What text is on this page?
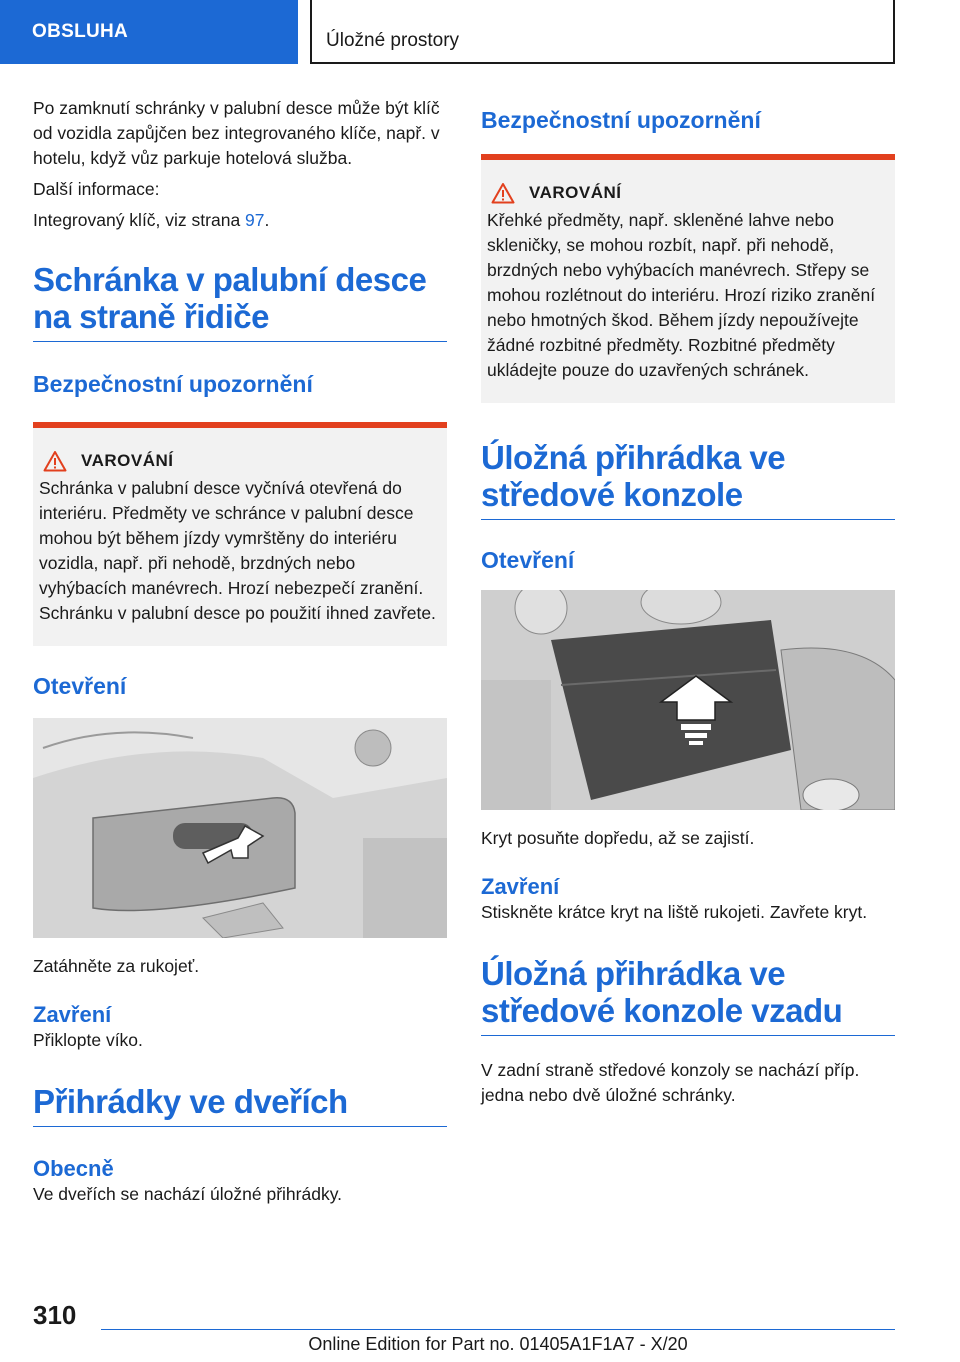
OBSLUHA	Úložné prostory

Po zamknutí schránky v palubní desce může být klíč od vozidla zapůjčen bez integrovaného klíče, např. v hotelu, když vůz parkuje hotelová služba.

Další informace:

Integrovaný klíč, viz strana 97.

Schránka v palubní desce na straně řidiče
Bezpečnostní upozornění
VAROVÁNÍ

Schránka v palubní desce vyčnívá otevřená do interiéru. Předměty ve schránce v palubní desce mohou být během jízdy vymrštěny do interiéru vozidla, např. při nehodě, brzdných nebo vyhýbacích manévrech. Hrozí nebezpečí zranění. Schránku v palubní desce po použití ihned zavřete.

Otevření

Zatáhněte za rukojeť.

Zavření

Přiklopte víko.

Přihrádky ve dveřích
Obecně

Ve dveřích se nachází úložné přihrádky.

Bezpečnostní upozornění
VAROVÁNÍ

Křehké předměty, např. skleněné lahve nebo skleničky, se mohou rozbít, např. při nehodě, brzdných nebo vyhýbacích manévrech. Střepy se mohou rozlétnout do interiéru. Hrozí riziko zranění nebo hmotných škod. Během jízdy nepoužívejte žádné rozbitné předměty. Rozbitné předměty ukládejte pouze do uzavřených schránek.

Úložná přihrádka ve středové konzole
Otevření

Kryt posuňte dopředu, až se zajistí.

Zavření

Stiskněte krátce kryt na liště rukojeti. Zavřete kryt.

Úložná přihrádka ve středové konzole vzadu

V zadní straně středové konzoly se nachází příp. jedna nebo dvě úložné schránky.

310
Online Edition for Part no. 01405A1F1A7 - X/20
